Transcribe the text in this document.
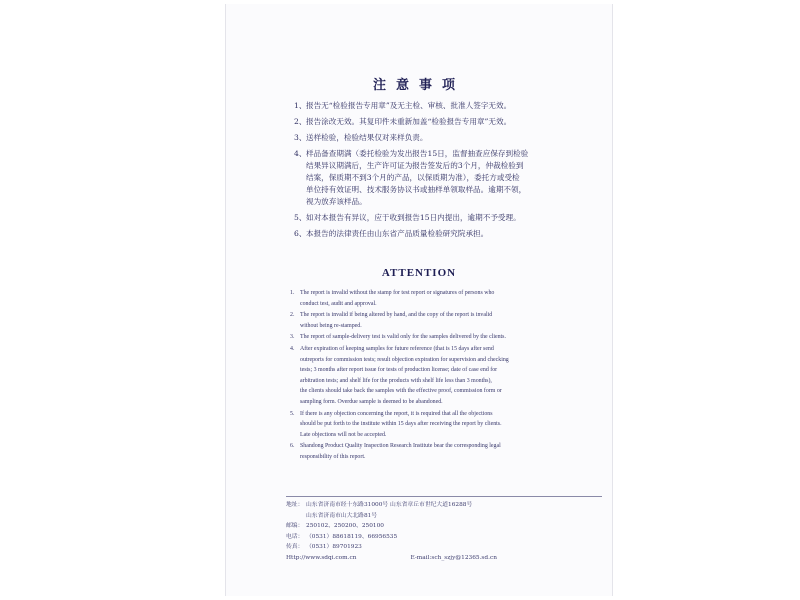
注意事项
1、 报告无“检验报告专用章”及无主检、审核、批准人签字无效。
2、 报告涂改无效。其复印件未重新加盖“检验报告专用章”无效。
3、 送样检验，检验结果仅对来样负责。
4、 样品备查期满（委托检验为发出报告15日，监督抽查应保存到检验
结果异议期满后，生产许可证为报告签发后的3个月，仲裁检验到
结案，保质期不到3个月的产品，以保质期为准），委托方或受检
单位持有效证明、技术服务协议书或抽样单领取样品。逾期不领，
视为放弃该样品。
5、 如对本报告有异议，应于收到报告15日内提出，逾期不予受理。
6、 本报告的法律责任由山东省产品质量检验研究院承担。
ATTENTION
1. The report is invalid without the stamp for test report or signatures of persons who
conduct test, audit and approval.
2. The report is invalid if being altered by hand, and the copy of the report is invalid
without being re-stamped.
3. The report of sample-delivery test is valid only for the samples delivered by the clients.
4. After expiration of keeping samples for future reference (that is 15 days after send
outreports for commission tests; result objection expiration for supervision and checking
tests; 3 months after report issue for tests of production license; date of case end for
arbitration tests; and shelf life for the products with shelf life less than 3 months),
the clients should take back the samples with the effective proof, commission form or
sampling form. Overdue sample is deemed to be abandoned.
5. If there is any objection concerning the report, it is required that all the objections
should be put forth to the institute within 15 days after receiving the report by clients.
Late objections will not be accepted.
6. Shandong Product Quality Inspection Research Institute bear the corresponding legal
responsibility of this report.
地址： 山东省济南市经十东路31000号 山东省章丘市世纪大道16288号
山东省济南市山大北路81号
邮编： 250102、250200、250100
电话： （0531）88618119、66956535
传真： （0531）89701923
Http://www.sdqi.com.cn	E-mail:sch_szjy@12365.sd.cn
